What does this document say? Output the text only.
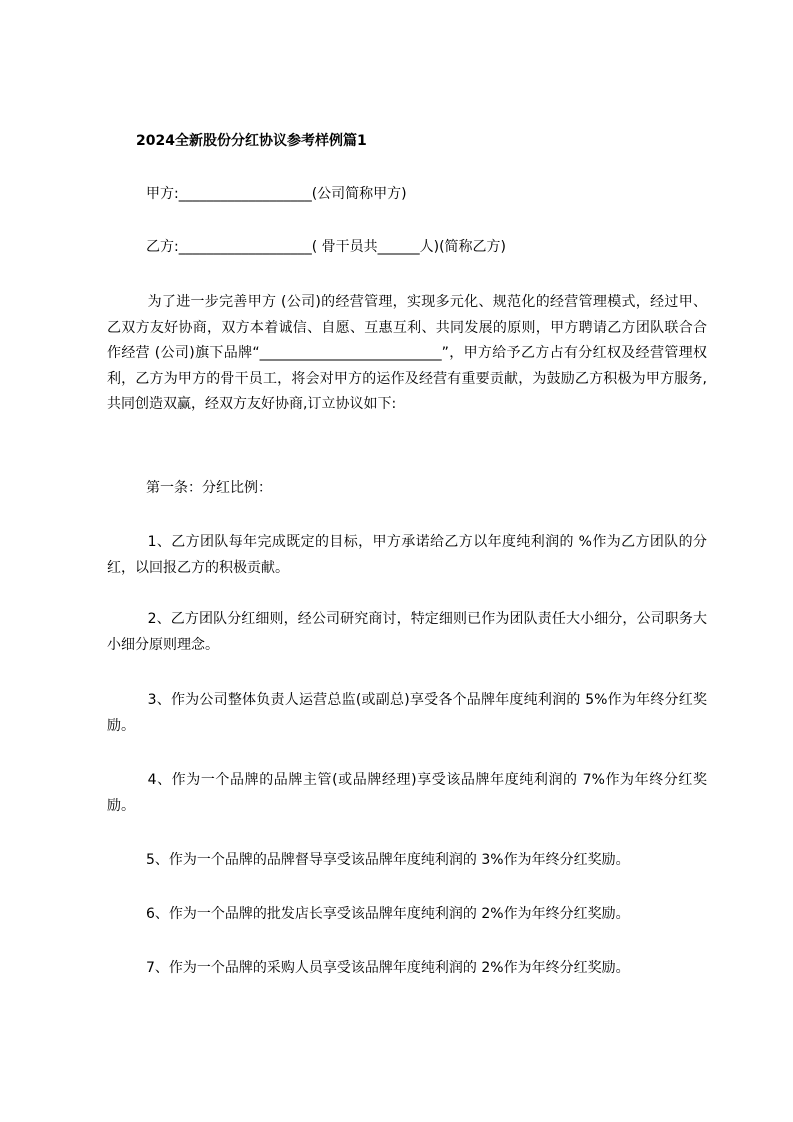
2024全新股份分红协议参考样例篇1
甲方:___________________(公司简称甲方)
乙方:___________________( 骨干员共______人)(简称乙方)
为了进一步完善甲方 (公司)的经营管理，实现多元化、规范化的经营管理模式，经过甲、乙双方友好协商，双方本着诚信、自愿、互惠互利、共同发展的原则，甲方聘请乙方团队联合合作经营 (公司)旗下品牌“__________________________”，甲方给予乙方占有分红权及经营管理权利，乙方为甲方的骨干员工，将会对甲方的运作及经营有重要贡献，为鼓励乙方积极为甲方服务,共同创造双赢，经双方友好协商,订立协议如下:
第一条：分红比例：
1、乙方团队每年完成既定的目标，甲方承诺给乙方以年度纯利润的 %作为乙方团队的分红，以回报乙方的积极贡献。
2、乙方团队分红细则，经公司研究商讨，特定细则已作为团队责任大小细分，公司职务大小细分原则理念。
3、作为公司整体负责人运营总监(或副总)享受各个品牌年度纯利润的 5%作为年终分红奖励。
4、作为一个品牌的品牌主管(或品牌经理)享受该品牌年度纯利润的 7%作为年终分红奖励。
5、作为一个品牌的品牌督导享受该品牌年度纯利润的 3%作为年终分红奖励。
6、作为一个品牌的批发店长享受该品牌年度纯利润的 2%作为年终分红奖励。
7、作为一个品牌的采购人员享受该品牌年度纯利润的 2%作为年终分红奖励。
